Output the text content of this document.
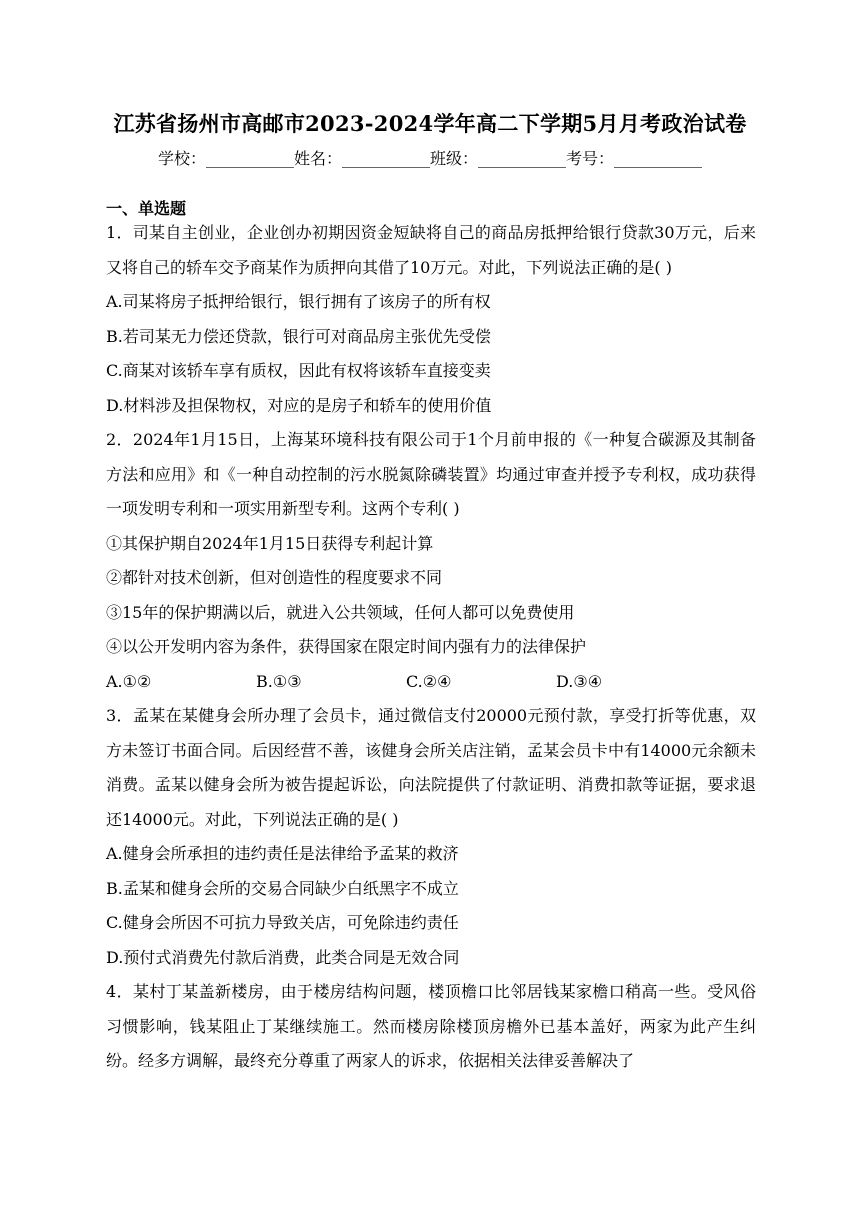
江苏省扬州市高邮市2023-2024学年高二下学期5月月考政治试卷
学校：___________姓名：___________班级：___________考号：___________
一、单选题
1．司某自主创业，企业创办初期因资金短缺将自己的商品房抵押给银行贷款30万元，后来又将自己的轿车交予商某作为质押向其借了10万元。对此，下列说法正确的是( )
A.司某将房子抵押给银行，银行拥有了该房子的所有权
B.若司某无力偿还贷款，银行可对商品房主张优先受偿
C.商某对该轿车享有质权，因此有权将该轿车直接变卖
D.材料涉及担保物权，对应的是房子和轿车的使用价值
2．2024年1月15日，上海某环境科技有限公司于1个月前申报的《一种复合碳源及其制备方法和应用》和《一种自动控制的污水脱氮除磷装置》均通过审查并授予专利权，成功获得一项发明专利和一项实用新型专利。这两个专利( )
①其保护期自2024年1月15日获得专利起计算
②都针对技术创新，但对创造性的程度要求不同
③15年的保护期满以后，就进入公共领域，任何人都可以免费使用
④以公开发明内容为条件，获得国家在限定时间内强有力的法律保护
A.①②	B.①③	C.②④	D.③④
3．孟某在某健身会所办理了会员卡，通过微信支付20000元预付款，享受打折等优惠，双方未签订书面合同。后因经营不善，该健身会所关店注销，孟某会员卡中有14000元余额未消费。孟某以健身会所为被告提起诉讼，向法院提供了付款证明、消费扣款等证据，要求退还14000元。对此，下列说法正确的是( )
A.健身会所承担的违约责任是法律给予孟某的救济
B.孟某和健身会所的交易合同缺少白纸黑字不成立
C.健身会所因不可抗力导致关店，可免除违约责任
D.预付式消费先付款后消费，此类合同是无效合同
4．某村丁某盖新楼房，由于楼房结构问题，楼顶檐口比邻居钱某家檐口稍高一些。受风俗习惯影响，钱某阻止丁某继续施工。然而楼房除楼顶房檐外已基本盖好，两家为此产生纠纷。经多方调解，最终充分尊重了两家人的诉求，依据相关法律妥善解决了
